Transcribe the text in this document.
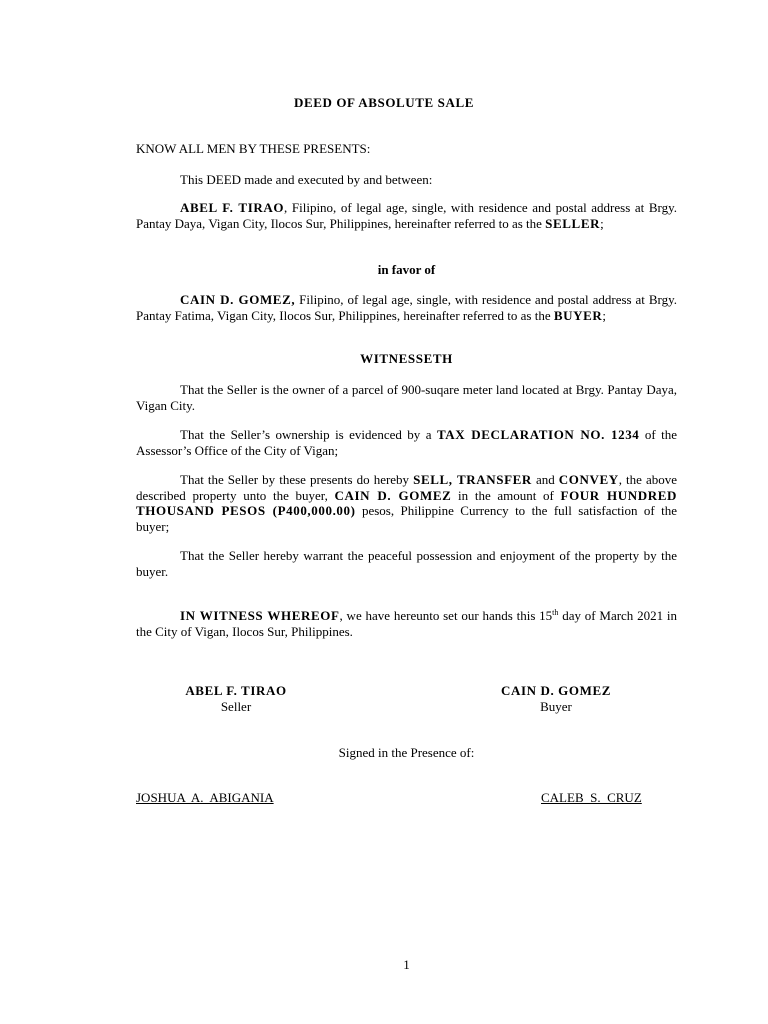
DEED OF ABSOLUTE SALE
KNOW ALL MEN BY THESE PRESENTS:
This DEED made and executed by and between:
ABEL F. TIRAO, Filipino, of legal age, single, with residence and postal address at Brgy. Pantay Daya, Vigan City, Ilocos Sur, Philippines, hereinafter referred to as the SELLER;
in favor of
CAIN D. GOMEZ, Filipino, of legal age, single, with residence and postal address at Brgy. Pantay Fatima, Vigan City, Ilocos Sur, Philippines, hereinafter referred to as the BUYER;
WITNESSETH
That the Seller is the owner of a parcel of 900-suqare meter land located at Brgy. Pantay Daya, Vigan City.
That the Seller’s ownership is evidenced by a TAX DECLARATION NO. 1234 of the Assessor’s Office of the City of Vigan;
That the Seller by these presents do hereby SELL, TRANSFER and CONVEY, the above described property unto the buyer, CAIN D. GOMEZ in the amount of FOUR HUNDRED THOUSAND PESOS (P400,000.00) pesos, Philippine Currency to the full satisfaction of the buyer;
That the Seller hereby warrant the peaceful possession and enjoyment of the property by the buyer.
IN WITNESS WHEREOF, we have hereunto set our hands this 15th day of March 2021 in the City of Vigan, Ilocos Sur, Philippines.
ABEL F. TIRAO
Seller
CAIN D. GOMEZ
Buyer
Signed in the Presence of:
JOSHUA  A.  ABIGANIA	CALEB  S.  CRUZ
1
